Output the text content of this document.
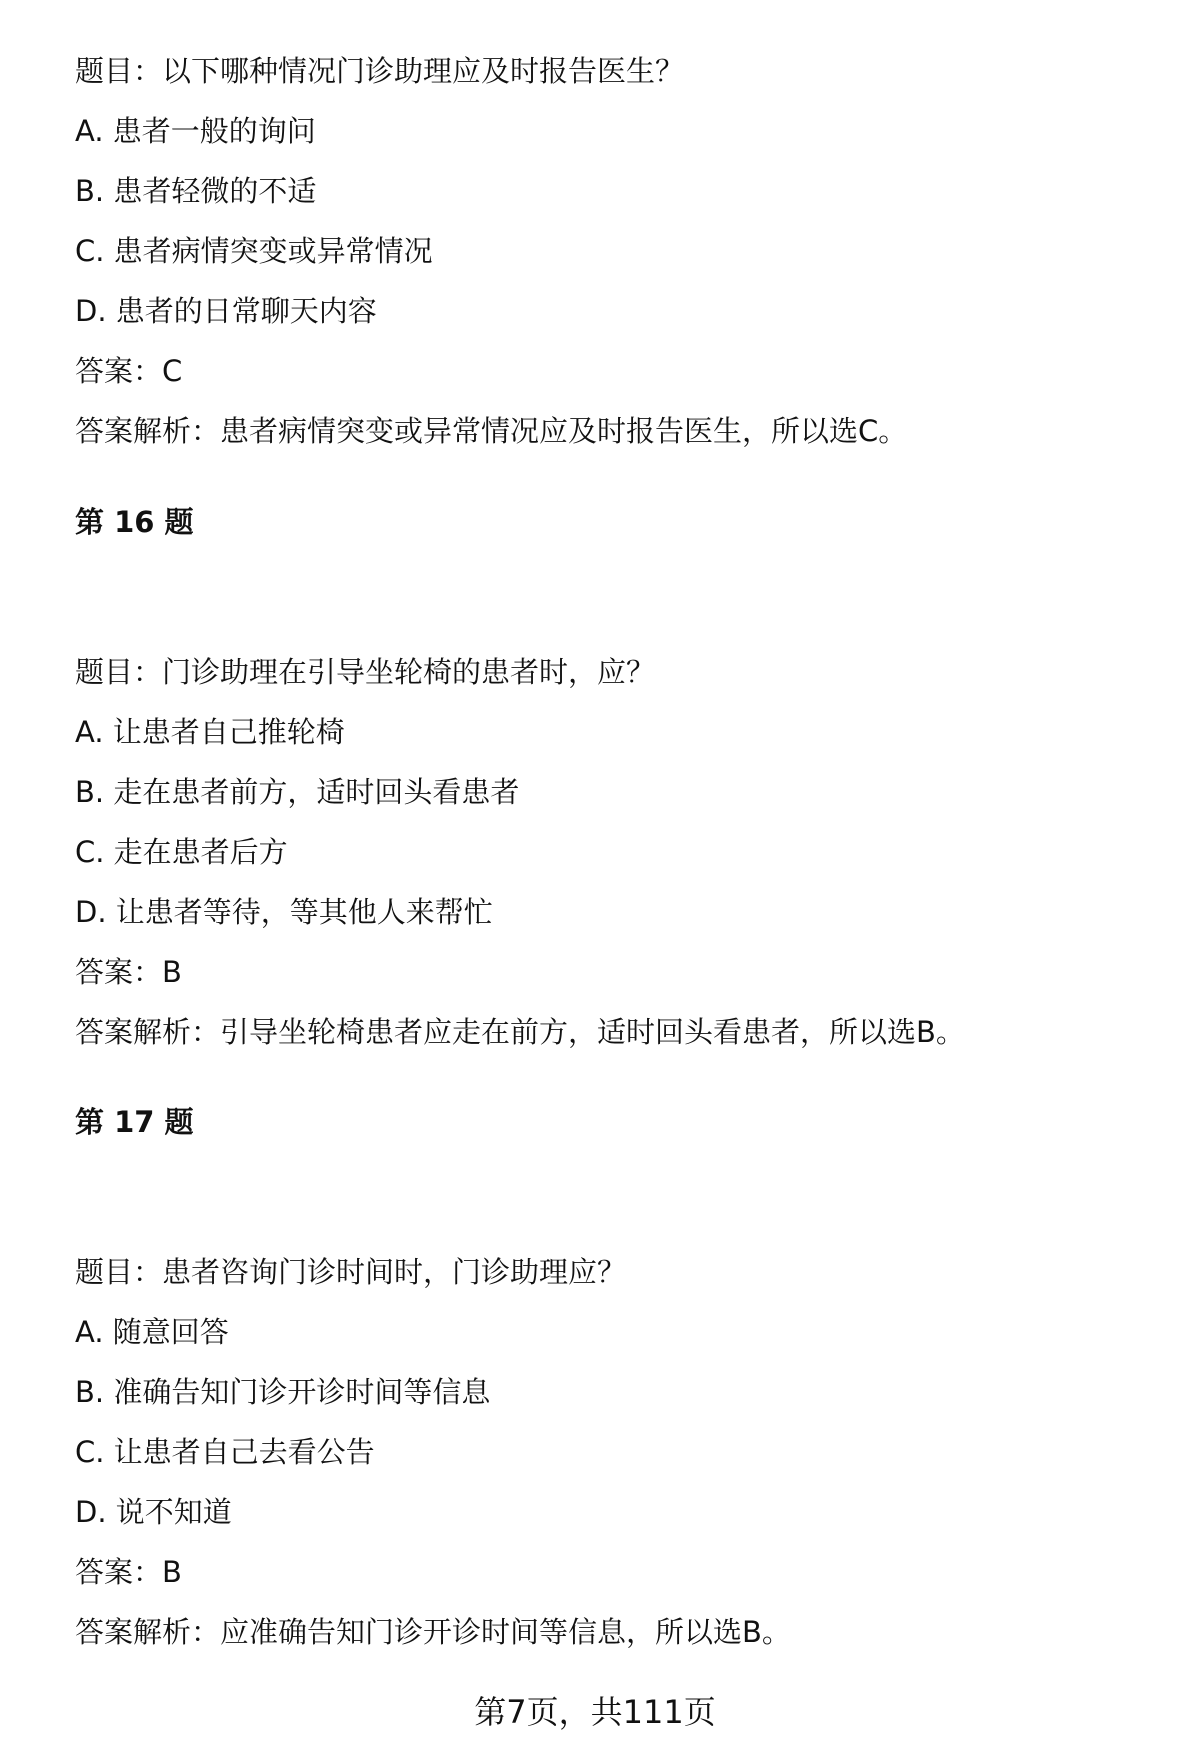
题目：以下哪种情况门诊助理应及时报告医生？
A. 患者一般的询问
B. 患者轻微的不适
C. 患者病情突变或异常情况
D. 患者的日常聊天内容
答案：C
答案解析：患者病情突变或异常情况应及时报告医生，所以选C。
第 16 题
题目：门诊助理在引导坐轮椅的患者时，应？
A. 让患者自己推轮椅
B. 走在患者前方，适时回头看患者
C. 走在患者后方
D. 让患者等待，等其他人来帮忙
答案：B
答案解析：引导坐轮椅患者应走在前方，适时回头看患者，所以选B。
第 17 题
题目：患者咨询门诊时间时，门诊助理应？
A. 随意回答
B. 准确告知门诊开诊时间等信息
C. 让患者自己去看公告
D. 说不知道
答案：B
答案解析：应准确告知门诊开诊时间等信息，所以选B。
第7页，共111页
